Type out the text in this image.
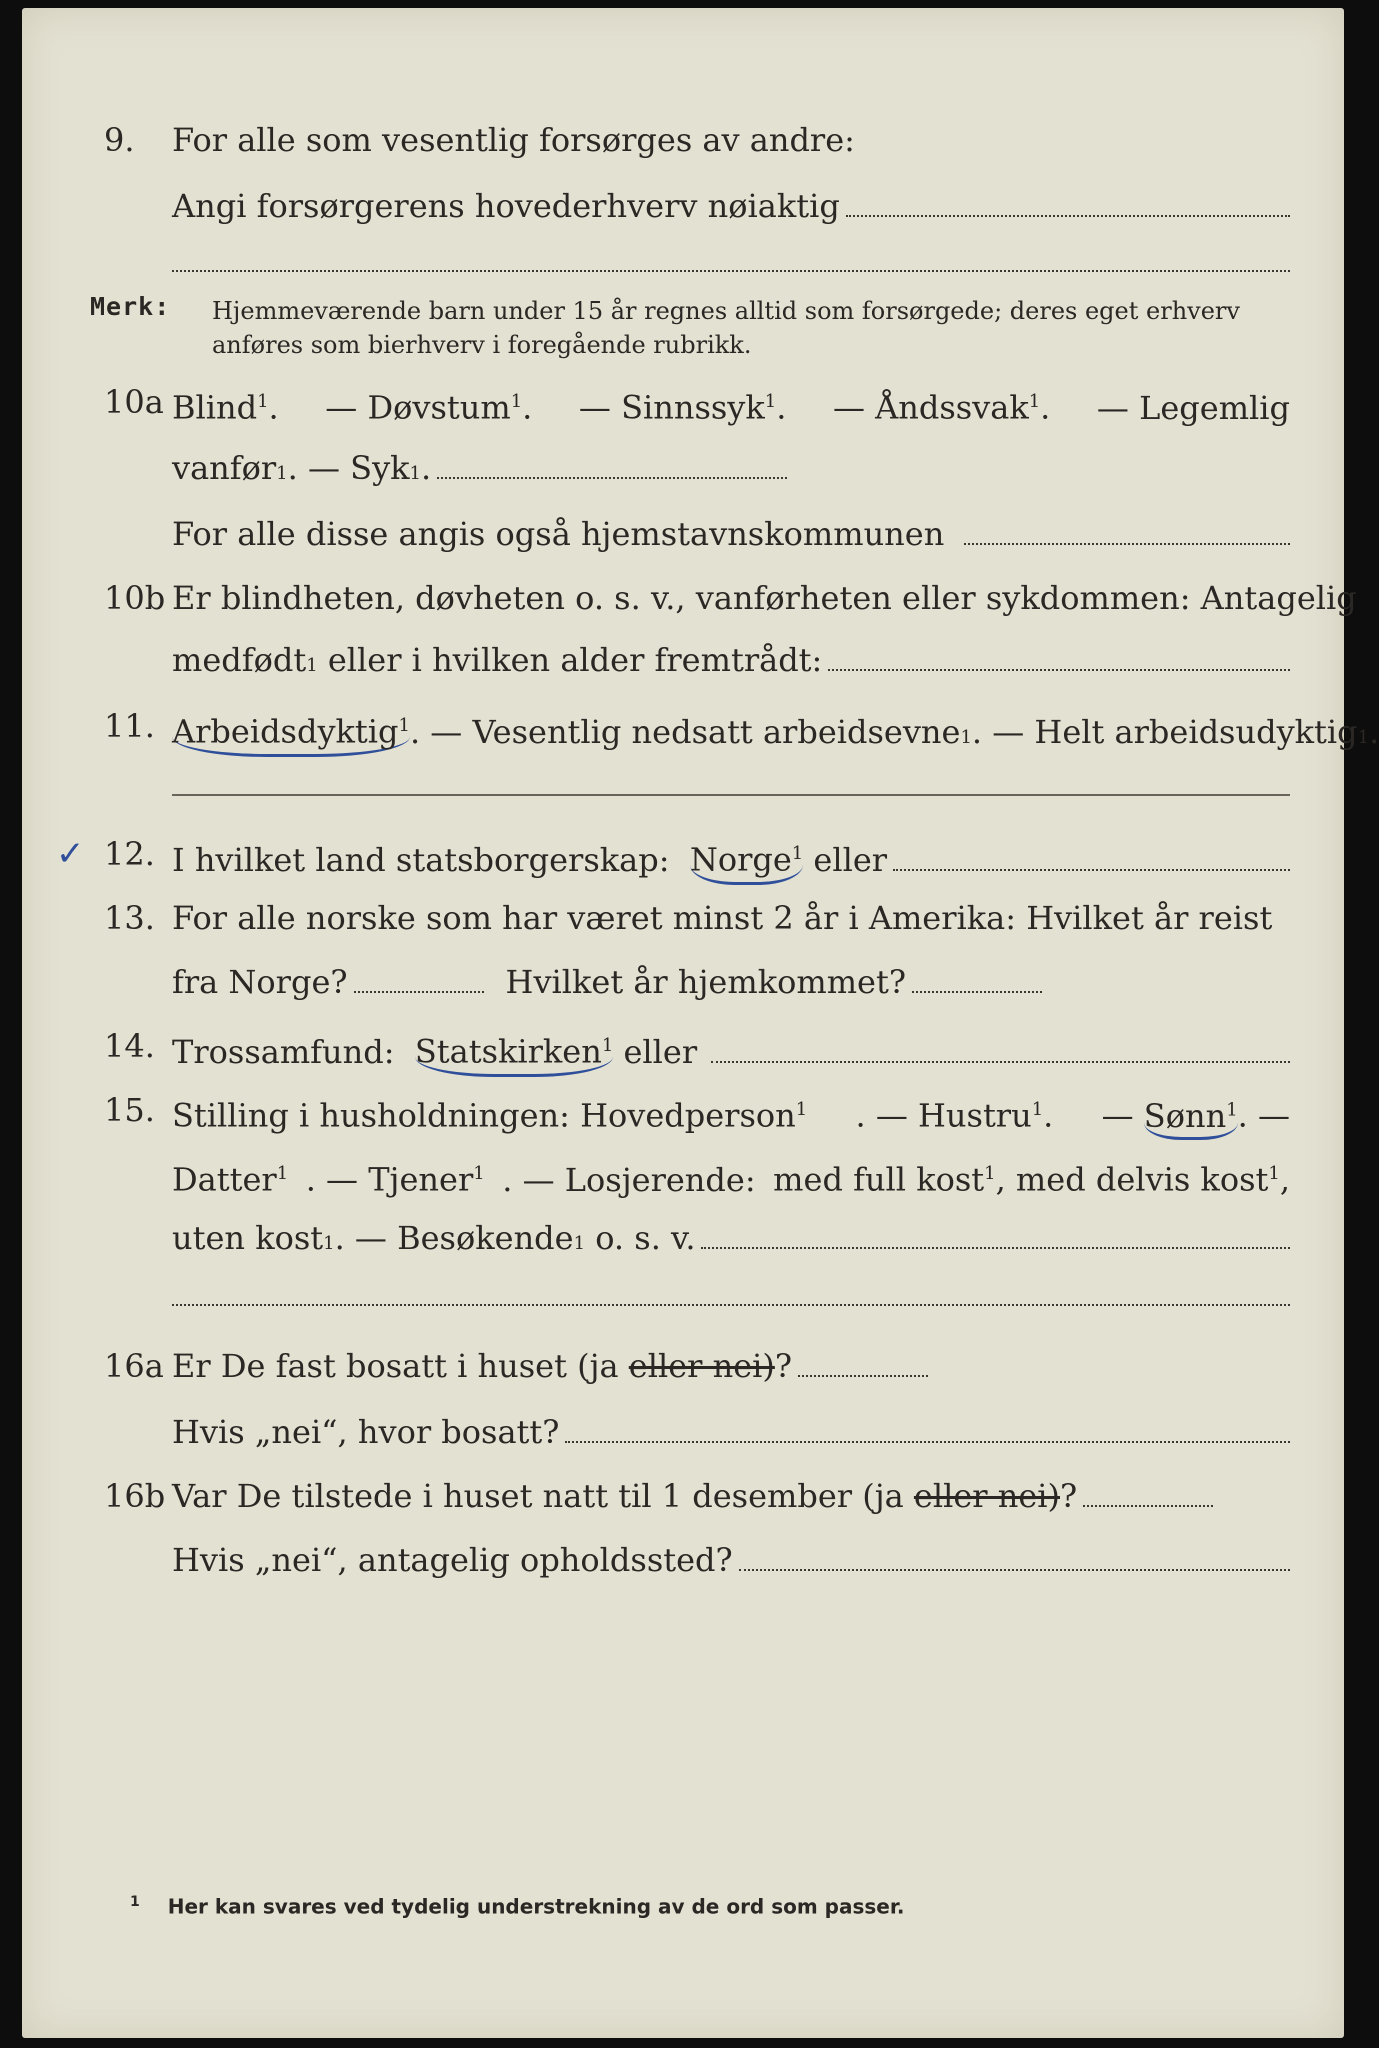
9. For alle som vesentlig forsørges av andre:
Angi forsørgerens hovederhverv nøiaktig
Merk: Hjemmeværende barn under 15 år regnes alltid som forsørgede; deres eget erhverv
anføres som bierhverv i foregående rubrikk.
10a Blind$^1$. — Døvstum$^1$. — Sinnssyk$^1$. — Åndssvak$^1$. — Legemlig
vanfør 1 . — Syk 1 .
For alle disse angis også hjemstavnskommunen
10b Er blindheten, døvheten o. s. v., vanførheten eller sykdommen: Antagelig
medfødt 1
eller i hvilken alder fremtrådt:
11. Arbeidsdyktig$^1$ . — Vesentlig nedsatt arbeidsevne 1 . — Helt arbeidsudyktig 1 .
✓ 12. I hvilket land statsborgerskap:
Norge$^1$
eller
13. For alle norske som har været minst 2 år i Amerika: Hvilket år reist
fra Norge?	Hvilket år hjemkommet?
14. Trossamfund:
Statskirken$^1$
eller
15. Stilling i husholdningen: Hovedperson$^1$ . — Hustru$^1$. — Sønn$^1$. —
Datter$^1$ . — Tjener$^1$ . — Losjerende: med full kost$^1$, med delvis kost$^1$,
uten kost 1 . — Besøkende 1
o. s. v.
16a Er De fast bosatt i huset (ja
eller nei) ?
Hvis „nei“, hvor bosatt?
16b Var De tilstede i huset natt til 1 desember (ja
eller nei) ?
Hvis „nei“, antagelig opholdssted?
$^1$ Her kan svares ved tydelig understrekning av de ord som passer.
